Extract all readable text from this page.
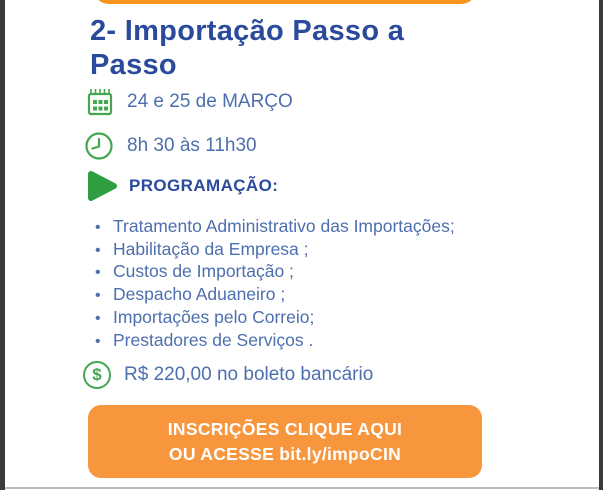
2- Importação Passo a Passo
24 e 25 de MARÇO
8h 30 às 11h30
PROGRAMAÇÃO:
•
Tratamento Administrativo das Importações;
•
Habilitação da Empresa ;
•
Custos de Importação ;
•
Despacho Aduaneiro ;
•
Importações pelo Correio;
•
Prestadores de Serviços .
$
R$ 220,00 no boleto bancário
INSCRIÇÕES CLIQUE AQUI
OU ACESSE bit.ly/impoCIN
